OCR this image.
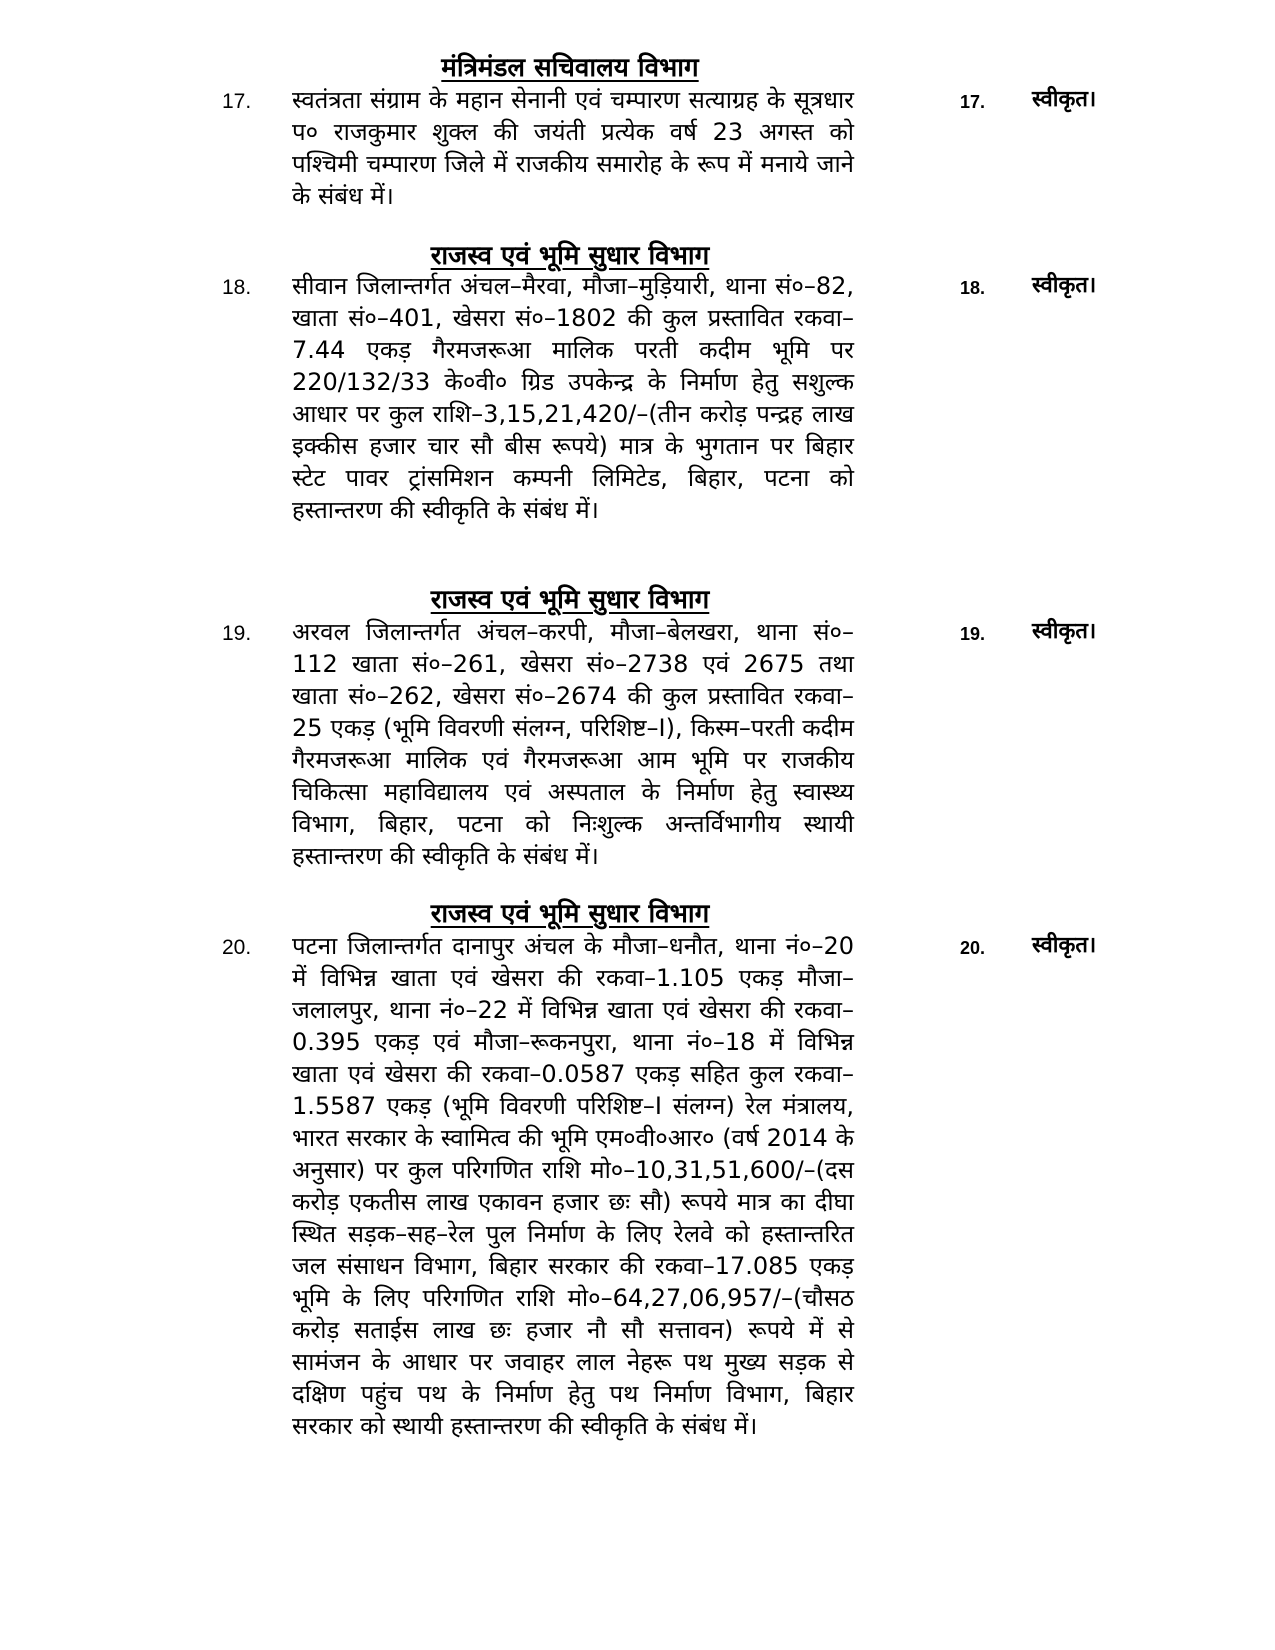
मंत्रिमंडल सचिवालय विभाग
17. स्वतंत्रता संग्राम के महान सेनानी एवं चम्पारण सत्याग्रह के सूत्रधार प० राजकुमार शुक्ल की जयंती प्रत्येक वर्ष 23 अगस्त को पश्चिमी चम्पारण जिले में राजकीय समारोह के रूप में मनाये जाने के संबंध में।

17. स्वीकृत।
राजस्व एवं भूमि सुधार विभाग
18. सीवान जिलान्तर्गत अंचल–मैरवा, मौजा–मुड़ियारी, थाना सं०–82, खाता सं०–401, खेसरा सं०–1802 की कुल प्रस्तावित रकवा–7.44 एकड़ गैरमजरूआ मालिक परती कदीम भूमि पर 220/132/33 के०वी० ग्रिड उपकेन्द्र के निर्माण हेतु सशुल्क आधार पर कुल राशि–3,15,21,420/–(तीन करोड़ पन्द्रह लाख इक्कीस हजार चार सौ बीस रूपये) मात्र के भुगतान पर बिहार स्टेट पावर ट्रांसमिशन कम्पनी लिमिटेड, बिहार, पटना को हस्तान्तरण की स्वीकृति के संबंध में।

18. स्वीकृत।
राजस्व एवं भूमि सुधार विभाग
19. अरवल जिलान्तर्गत अंचल–करपी, मौजा–बेलखरा, थाना सं०–112 खाता सं०–261, खेसरा सं०–2738 एवं 2675 तथा खाता सं०–262, खेसरा सं०–2674 की कुल प्रस्तावित रकवा–25 एकड़ (भूमि विवरणी संलग्न, परिशिष्ट–I), किस्म–परती कदीम गैरमजरूआ मालिक एवं गैरमजरूआ आम भूमि पर राजकीय चिकित्सा महाविद्यालय एवं अस्पताल के निर्माण हेतु स्वास्थ्य विभाग, बिहार, पटना को निःशुल्क अन्तर्विभागीय स्थायी हस्तान्तरण की स्वीकृति के संबंध में।

19. स्वीकृत।
राजस्व एवं भूमि सुधार विभाग
20. पटना जिलान्तर्गत दानापुर अंचल के मौजा–धनौत, थाना नं०–20 में विभिन्न खाता एवं खेसरा की रकवा–1.105 एकड़ मौजा–जलालपुर, थाना नं०–22 में विभिन्न खाता एवं खेसरा की रकवा–0.395 एकड़ एवं मौजा–रूकनपुरा, थाना नं०–18 में विभिन्न खाता एवं खेसरा की रकवा–0.0587 एकड़ सहित कुल रकवा–1.5587 एकड़ (भूमि विवरणी परिशिष्ट–I संलग्न) रेल मंत्रालय, भारत सरकार के स्वामित्व की भूमि एम०वी०आर० (वर्ष 2014 के अनुसार) पर कुल परिगणित राशि मो०–10,31,51,600/–(दस करोड़ एकतीस लाख एकावन हजार छः सौ) रूपये मात्र का दीघा स्थित सड़क–सह–रेल पुल निर्माण के लिए रेलवे को हस्तान्तरित जल संसाधन विभाग, बिहार सरकार की रकवा–17.085 एकड़ भूमि के लिए परिगणित राशि मो०–64,27,06,957/–(चौसठ करोड़ सताईस लाख छः हजार नौ सौ सत्तावन) रूपये में से सामंजन के आधार पर जवाहर लाल नेहरू पथ मुख्य सड़क से दक्षिण पहुंच पथ के निर्माण हेतु पथ निर्माण विभाग, बिहार सरकार को स्थायी हस्तान्तरण की स्वीकृति के संबंध में।

20. स्वीकृत।
